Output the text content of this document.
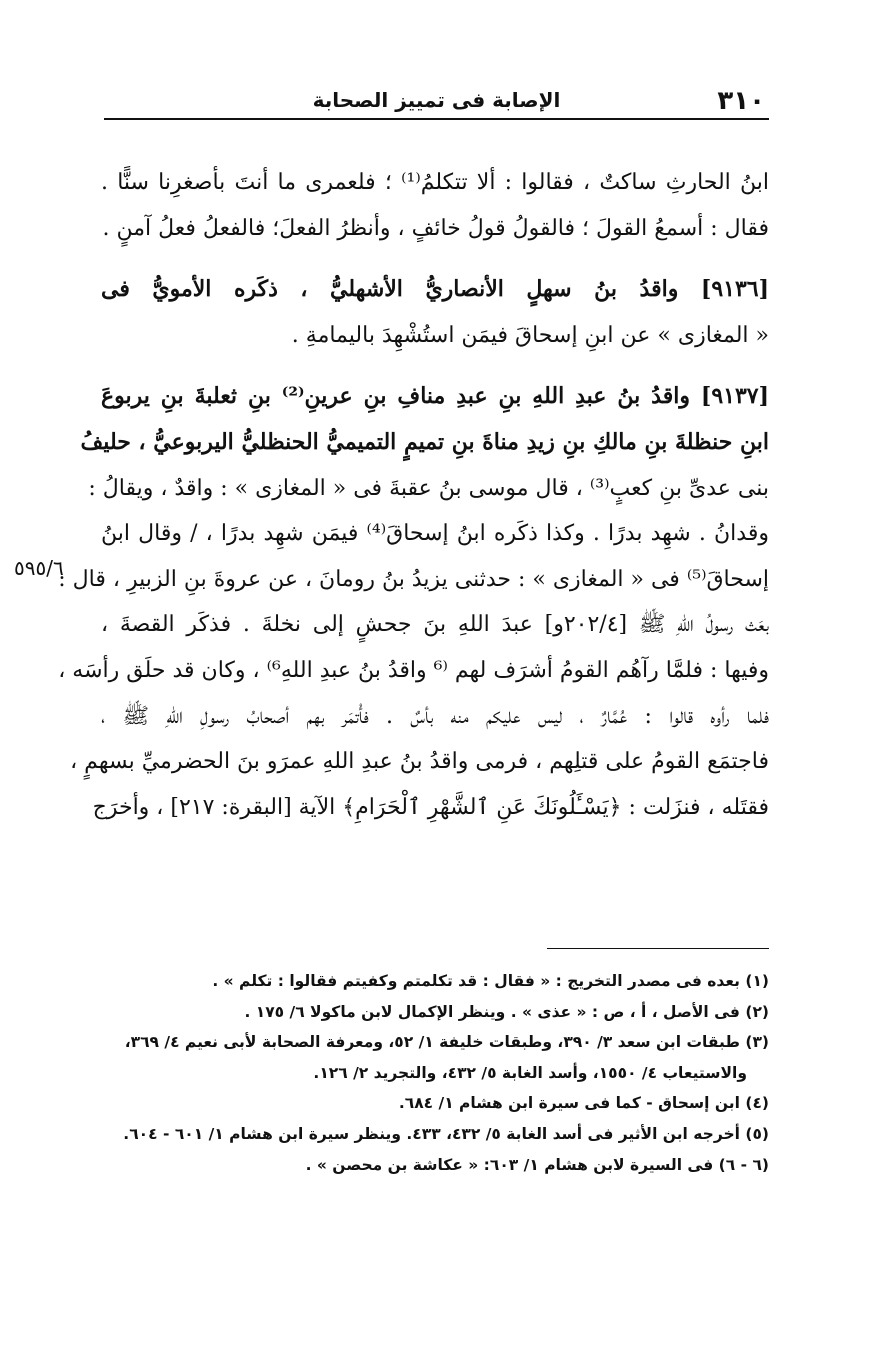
٣١٠
الإصابة فى تمييز الصحابة
٥٩٥/٦
ابنُ الحارثِ ساكتٌ ، فقالوا : ألا تتكلمُ⁽¹⁾ ؛ فلعمرى ما أنتَ بأصغرِنا سنًّا .
فقال : أسمعُ القولَ ؛ فالقولُ قولُ خائفٍ ، وأنظرُ الفعلَ؛ فالفعلُ فعلُ آمنٍ .
[٩١٣٦] واقدُ بنُ سهلٍ الأنصاريُّ الأشهليُّ ، ذكَره الأمويُّ فى
« المغازى » عن ابنِ إسحاقَ فيمَن استُشْهِدَ باليمامةِ .
[٩١٣٧] واقدُ بنُ عبدِ اللهِ بنِ عبدِ منافِ بنِ عرينِ⁽²⁾ بنِ ثعلبةَ بنِ يربوعَ
ابنِ حنظلةَ بنِ مالكِ بنِ زيدِ مناةَ بنِ تميمٍ التميميُّ الحنظليُّ اليربوعيُّ ، حليفُ
بنى عدىِّ بنِ كعبٍ⁽³⁾ ، قال موسى بنُ عقبةَ فى « المغازى » : واقدٌ ، ويقالُ :
وقدانُ . شهِد بدرًا . وكذا ذكَره ابنُ إسحاقَ⁽⁴⁾ فيمَن شهِد بدرًا ، / وقال ابنُ
إسحاقَ⁽⁵⁾ فى « المغازى » : حدثنى يزيدُ بنُ رومانَ ، عن عروةَ بنِ الزبيرِ ، قال :
بعَث رسولُ اللهِ ﷺ [٢٠٢/٤و] عبدَ اللهِ بنَ جحشٍ إلى نخلةَ . فذكَر القصةَ ،
وفيها : فلمَّا رآهُم القومُ أشرَف لهم ⁽⁶ واقدُ بنُ عبدِ اللهِ⁶⁾ ، وكان قد حلَق رأسَه ،
فلما رأوه قالوا : عُمَّارٌ ، ليس عليكم منه بأسٌ . فأْتمَر بهم أصحابُ رسولِ اللهِ ﷺ ،
فاجتمَع القومُ على قتلِهم ، فرمى واقدُ بنُ عبدِ اللهِ عمرَو بنَ الحضرميِّ بسهمٍ ،
فقتَله ، فنزَلت : ﴿يَسْـَٔلُونَكَ عَنِ ٱلشَّهْرِ ٱلْحَرَامِ﴾ الآية [البقرة: ٢١٧] ، وأخرَج
(١) بعده فى مصدر التخريج : « فقال : قد تكلمتم وكفيتم فقالوا : تكلم » .
(٢) فى الأصل ، أ ، ص : « عذى » . وينظر الإكمال لابن ماكولا ٦/ ١٧٥ .
(٣) طبقات ابن سعد ٣/ ٣٩٠، وطبقات خليفة ١/ ٥٢، ومعرفة الصحابة لأبى نعيم ٤/ ٣٦٩،
والاستيعاب ٤/ ١٥٥٠، وأسد الغابة ٥/ ٤٣٢، والتجريد ٢/ ١٢٦.
(٤) ابن إسحاق - كما فى سيرة ابن هشام ١/ ٦٨٤.
(٥) أخرجه ابن الأثير فى أسد الغابة ٥/ ٤٣٢، ٤٣٣. وينظر سيرة ابن هشام ١/ ٦٠١ - ٦٠٤.
(٦ - ٦) فى السيرة لابن هشام ١/ ٦٠٣: « عكاشة بن محصن » .
